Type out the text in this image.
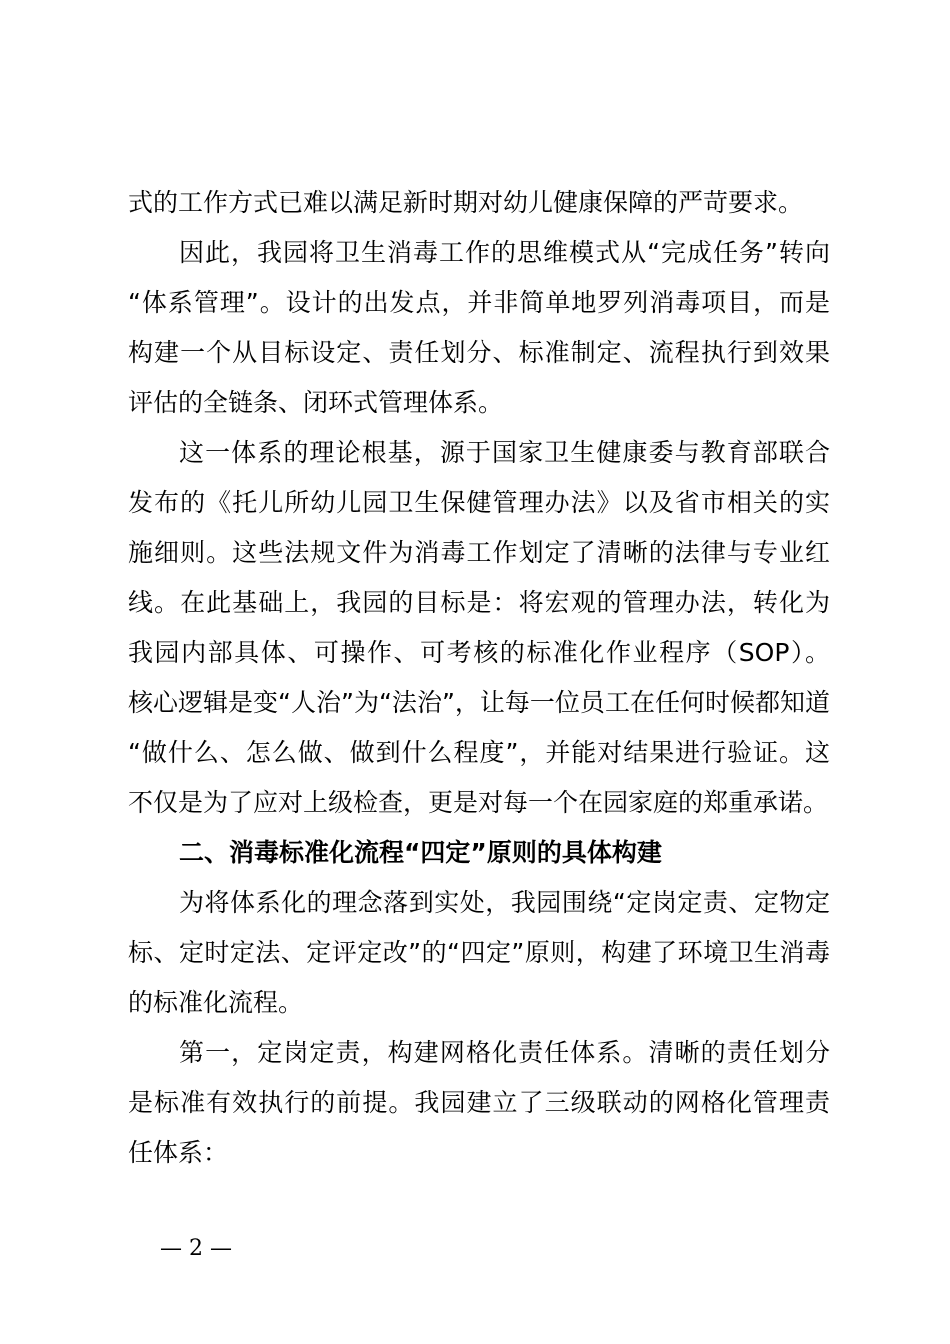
式的工作方式已难以满足新时期对幼儿健康保障的严苛要求。
因此，我园将卫生消毒工作的思维模式从“完成任务”转向
“体系管理”。设计的出发点，并非简单地罗列消毒项目，而是
构建一个从目标设定、责任划分、标准制定、流程执行到效果
评估的全链条、闭环式管理体系。
这一体系的理论根基，源于国家卫生健康委与教育部联合
发布的《托儿所幼儿园卫生保健管理办法》以及省市相关的实
施细则。这些法规文件为消毒工作划定了清晰的法律与专业红
线。在此基础上，我园的目标是：将宏观的管理办法，转化为
我园内部具体、可操作、可考核的标准化作业程序（SOP）。
核心逻辑是变“人治”为“法治”，让每一位员工在任何时候都知道
“做什么、怎么做、做到什么程度”，并能对结果进行验证。这
不仅是为了应对上级检查，更是对每一个在园家庭的郑重承诺。
二、消毒标准化流程“四定”原则的具体构建
为将体系化的理念落到实处，我园围绕“定岗定责、定物定
标、定时定法、定评定改”的“四定”原则，构建了环境卫生消毒
的标准化流程。
第一，定岗定责，构建网格化责任体系。清晰的责任划分
是标准有效执行的前提。我园建立了三级联动的网格化管理责
任体系：
— 2 —
